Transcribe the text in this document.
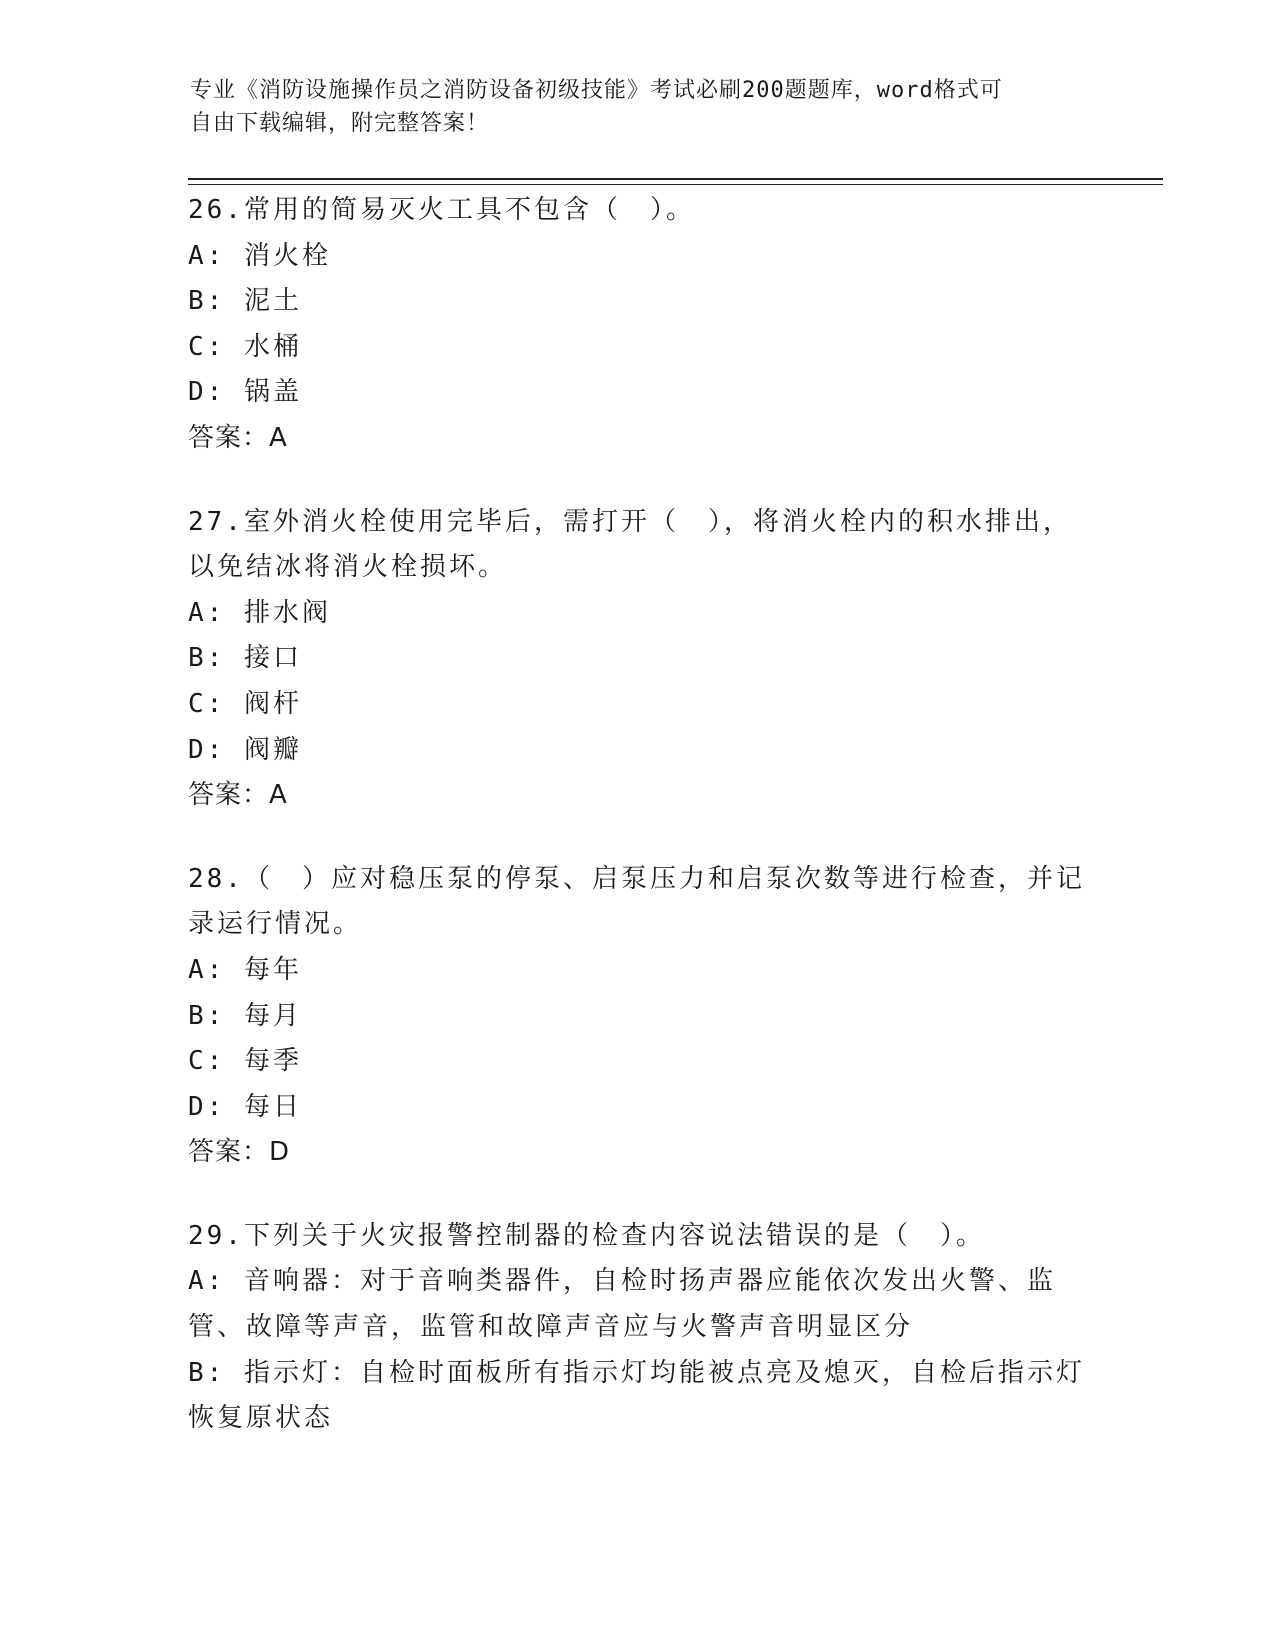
专业《消防设施操作员之消防设备初级技能》考试必刷200题题库，word格式可
自由下载编辑，附完整答案！
26.常用的简易灭火工具不包含（　）。
A: 消火栓
B: 泥土
C: 水桶
D: 锅盖
答案：A
27.室外消火栓使用完毕后，需打开（　），将消火栓内的积水排出，以免结冰将消火栓损坏。
A: 排水阀
B: 接口
C: 阀杆
D: 阀瓣
答案：A
28.（　）应对稳压泵的停泵、启泵压力和启泵次数等进行检查，并记录运行情况。
A: 每年
B: 每月
C: 每季
D: 每日
答案：D
29.下列关于火灾报警控制器的检查内容说法错误的是（　）。
A: 音响器：对于音响类器件，自检时扬声器应能依次发出火警、监管、故障等声音，监管和故障声音应与火警声音明显区分
B: 指示灯：自检时面板所有指示灯均能被点亮及熄灭，自检后指示灯恢复原状态
